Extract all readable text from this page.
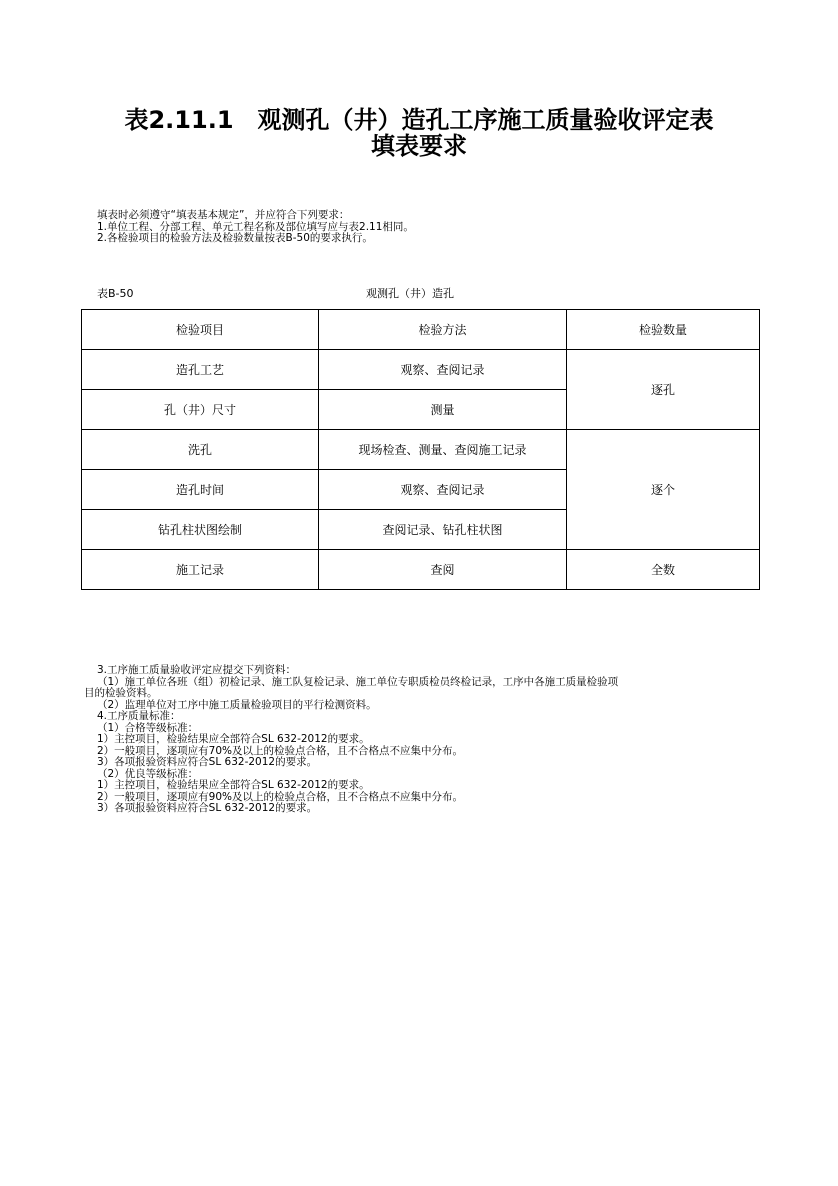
表2.11.1　观测孔（井）造孔工序施工质量验收评定表
填表要求
填表时必须遵守“填表基本规定”，并应符合下列要求：
1.单位工程、分部工程、单元工程名称及部位填写应与表2.11相同。
2.各检验项目的检验方法及检验数量按表B-50的要求执行。
表B-50	观测孔（井）造孔
检验项目	检验方法	检验数量
造孔工艺	观察、查阅记录	逐孔
孔（井）尺寸	测量	
洗孔	现场检查、测量、查阅施工记录	逐个
造孔时间	观察、查阅记录	
钻孔柱状图绘制	查阅记录、钻孔柱状图	
施工记录	查阅	全数
3.工序施工质量验收评定应提交下列资料：
（1）施工单位各班（组）初检记录、施工队复检记录、施工单位专职质检员终检记录，工序中各施工质量检验项
目的检验资料。
（2）监理单位对工序中施工质量检验项目的平行检测资料。
4.工序质量标准：
（1）合格等级标准：
1）主控项目，检验结果应全部符合SL 632-2012的要求。
2）一般项目，逐项应有70%及以上的检验点合格，且不合格点不应集中分布。
3）各项报验资料应符合SL 632-2012的要求。
（2）优良等级标准：
1）主控项目，检验结果应全部符合SL 632-2012的要求。
2）一般项目，逐项应有90%及以上的检验点合格，且不合格点不应集中分布。
3）各项报验资料应符合SL 632-2012的要求。
